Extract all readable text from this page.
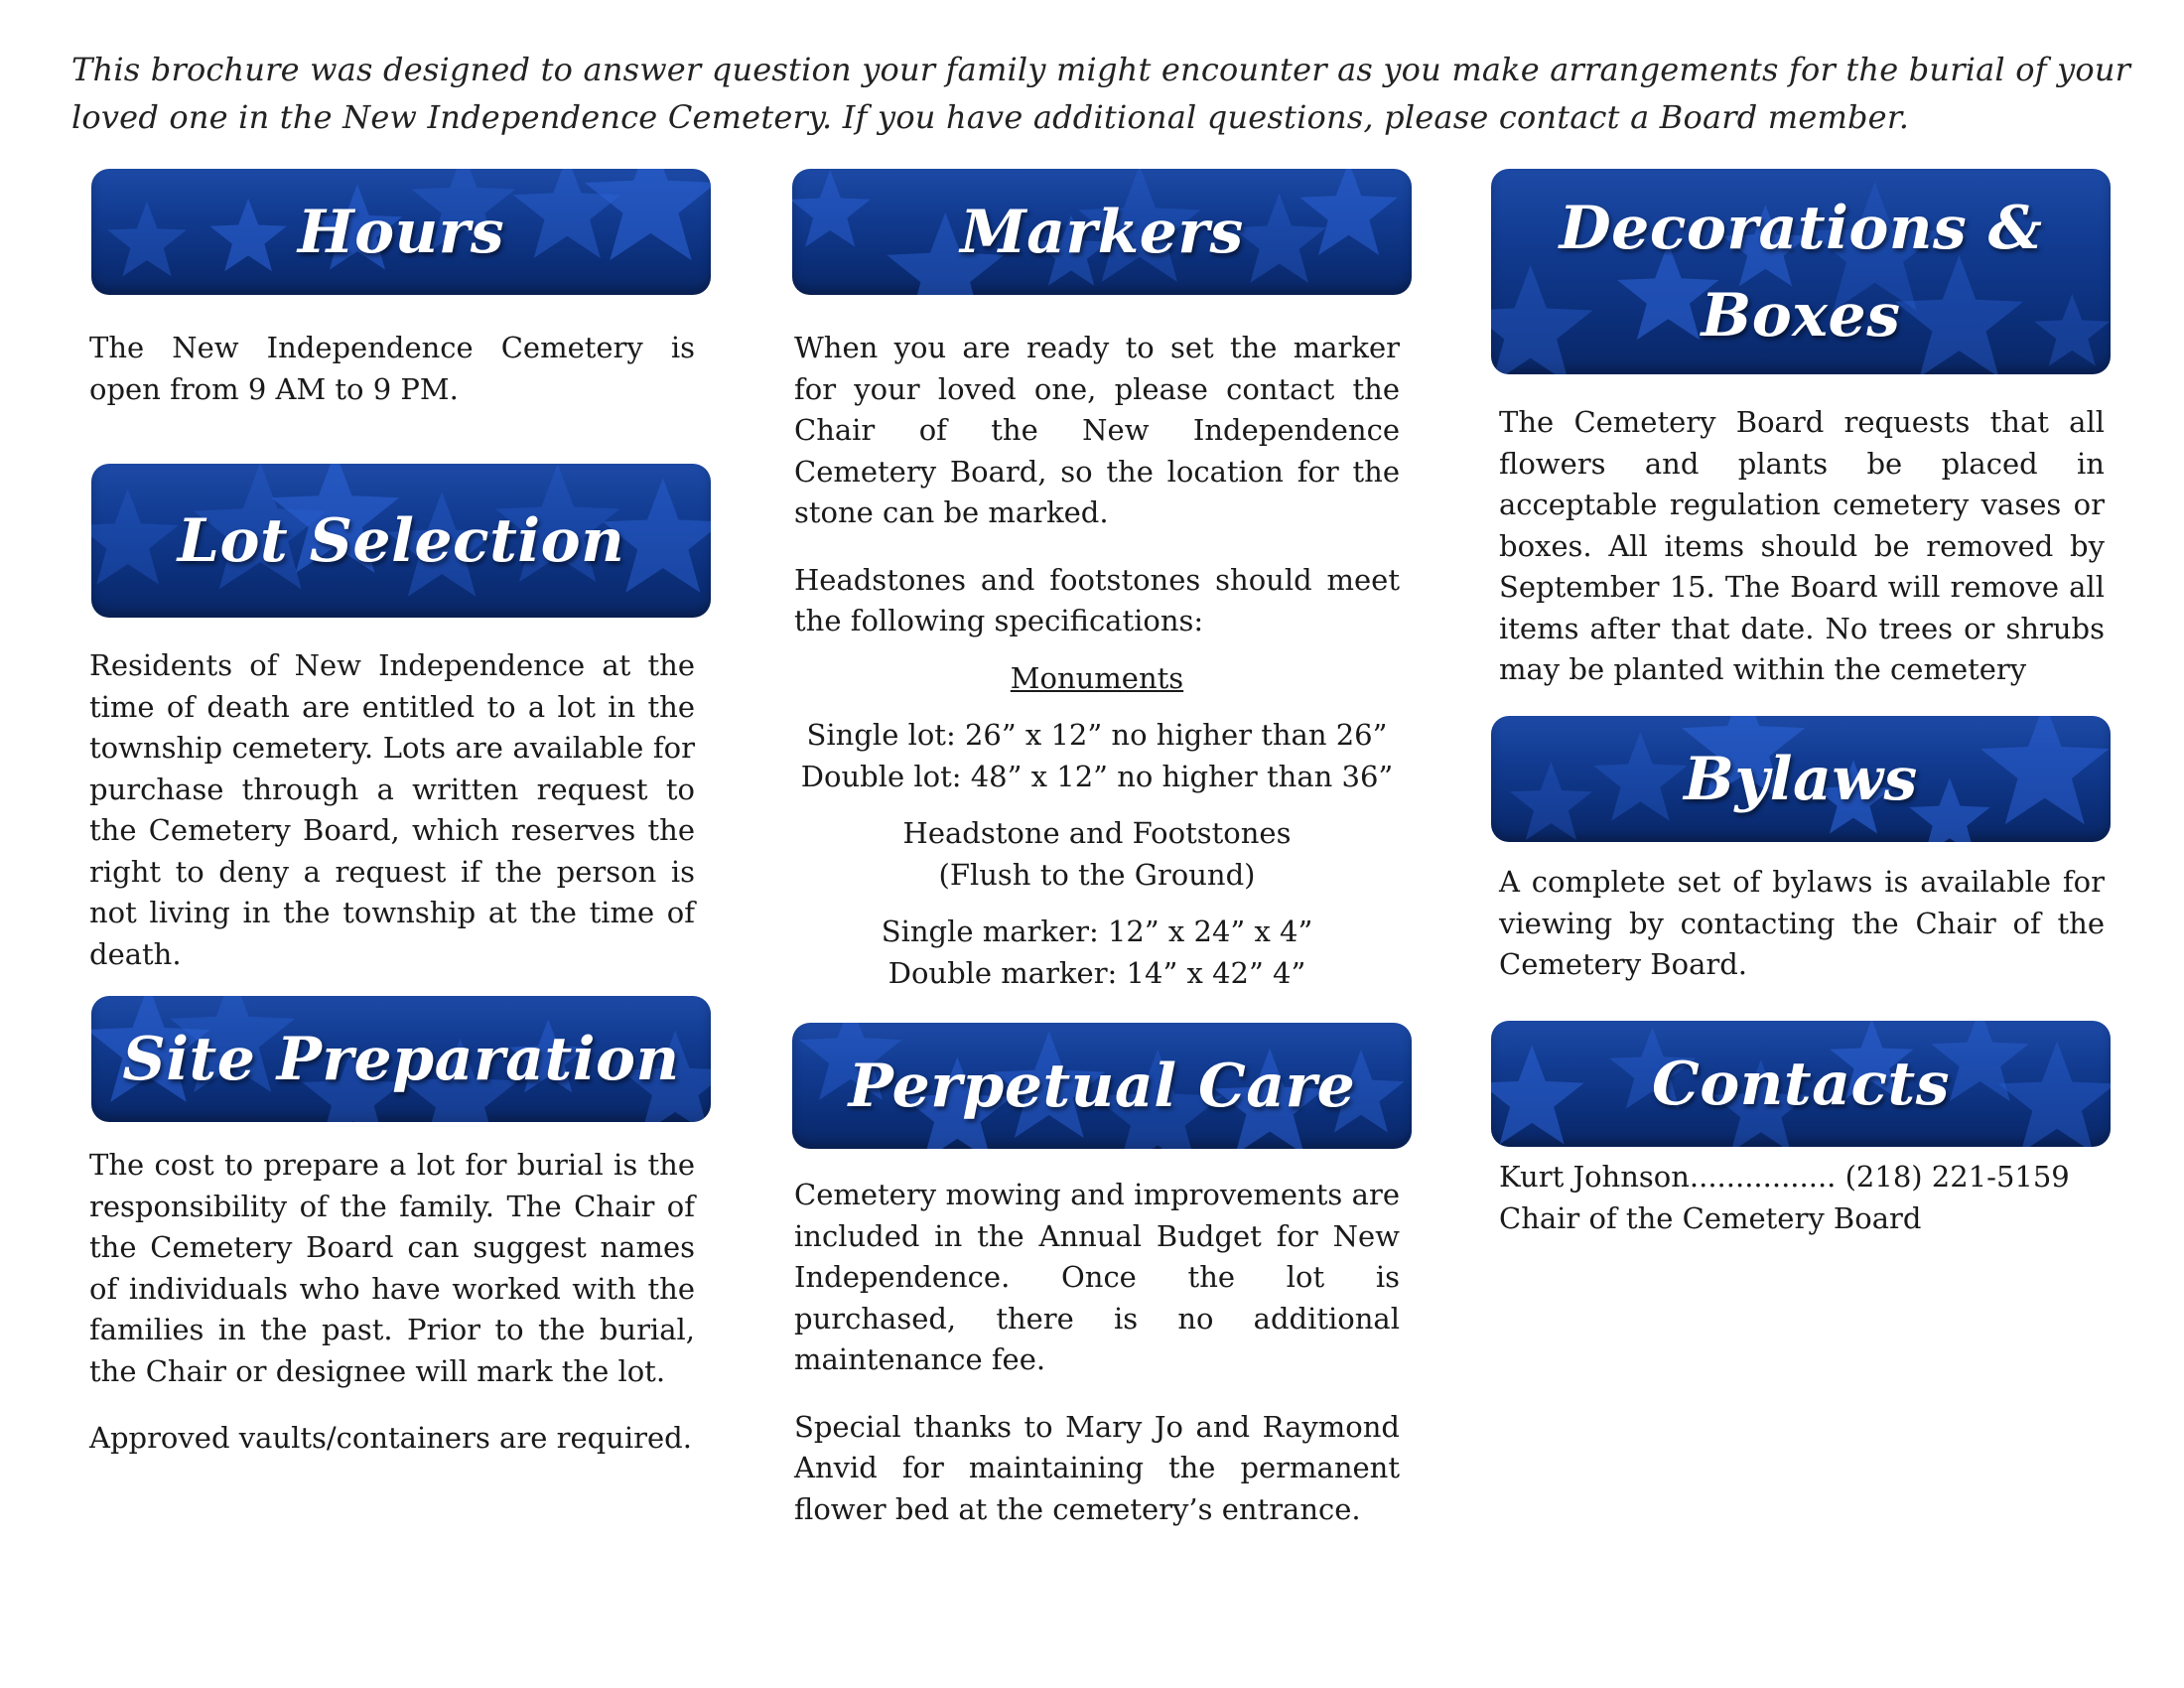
This brochure was designed to answer question your family might encounter as you make arrangements for the burial of your
loved one in the New Independence Cemetery. If you have additional questions, please contact a Board member.
Hours
The New Independence Cemetery is open from 9 AM to 9 PM.
Lot Selection
Residents of New Independence at the time of death are entitled to a lot in the township cemetery. Lots are available for purchase through a written request to the Cemetery Board, which reserves the right to deny a request if the person is not living in the township at the time of death.
Site Preparation
The cost to prepare a lot for burial is the responsibility of the family. The Chair of the Cemetery Board can suggest names of individuals who have worked with the families in the past. Prior to the burial, the Chair or designee will mark the lot.
Approved vaults/containers are required.
Markers
When you are ready to set the marker for your loved one, please contact the Chair of the New Independence Cemetery Board, so the location for the stone can be marked.
Headstones and footstones should meet the following specifications:
Monuments
Single lot: 26” x 12” no higher than 26”
Double lot: 48” x 12” no higher than 36”
Headstone and Footstones
(Flush to the Ground)
Single marker: 12” x 24” x 4”
Double marker: 14” x 42” 4”
Perpetual Care
Cemetery mowing and improvements are included in the Annual Budget for New Independence. Once the lot is purchased, there is no additional maintenance fee.
Special thanks to Mary Jo and Raymond Anvid for maintaining the permanent flower bed at the cemetery’s entrance.
Decorations &
Boxes
The Cemetery Board requests that all flowers and plants be placed in acceptable regulation cemetery vases or boxes. All items should be removed by September 15. The Board will remove all items after that date. No trees or shrubs may be planted within the cemetery
Bylaws
A complete set of bylaws is available for viewing by contacting the Chair of the Cemetery Board.
Contacts
Kurt Johnson................ (218) 221-5159
Chair of the Cemetery Board
